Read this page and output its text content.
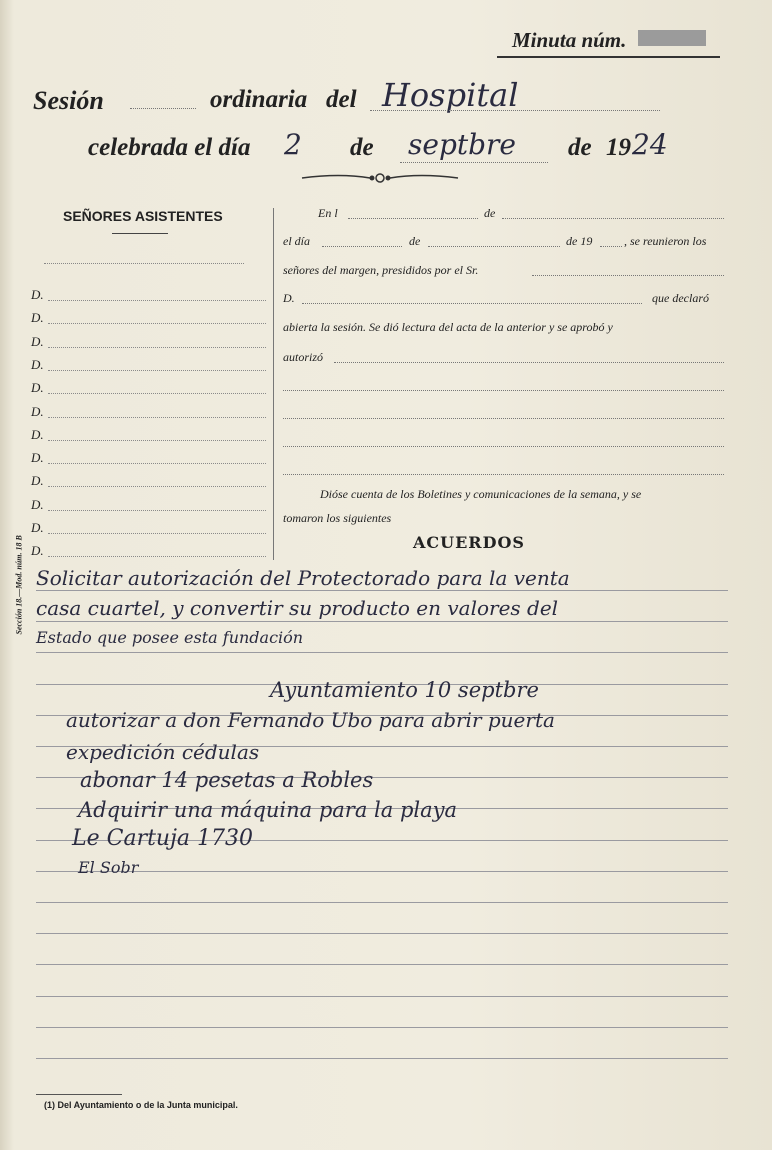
Minuta núm.
Sesión	ordinaria del Hospital
celebrada el día 2 de septbre de 19 24
SEÑORES ASISTENTES
D.
D.
D.
D.
D.
D.
D.
D.
D.
D.
D.
D.
En l	de
el día	de	de 19	, se reunieron los
señores del margen, presididos por el Sr.
D.	que declaró
abierta la sesión. Se dió lectura del acta de la anterior y se aprobó y
autorizó
Dióse cuenta de los Boletines y comunicaciones de la semana, y se
tomaron los siguientes
ACUERDOS
Sección 18.—Mod. núm. 18 B Solicitar autorización del Protectorado para la venta
casa cuartel, y convertir su producto en valores del
Estado que posee esta fundación
Ayuntamiento 10 septbre
autorizar a don Fernando Ubo para abrir puerta
expedición cédulas
abonar 14 pesetas a Robles
Adquirir una máquina para la playa
Le Cartuja 1730
El Sobr
(1) Del Ayuntamiento o de la Junta municipal.
